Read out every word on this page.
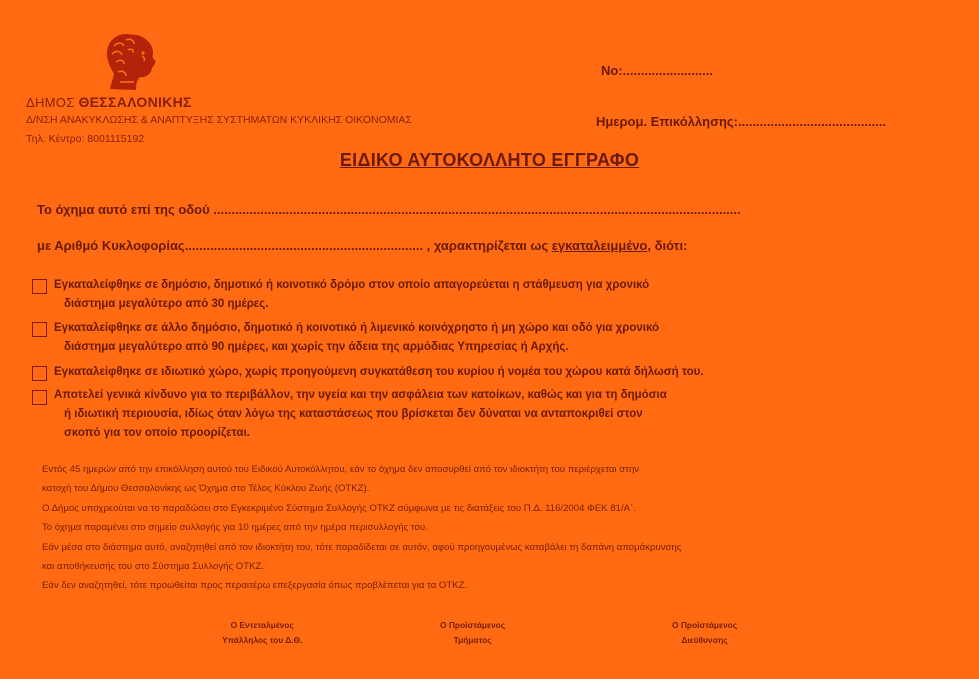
ΔΗΜΟΣ ΘΕΣΣΑΛΟΝΙΚΗΣ
Δ/ΝΣΗ ΑΝΑΚΥΚΛΩΣΗΣ & ΑΝΑΠΤΥΞΗΣ ΣΥΣΤΗΜΑΤΩΝ ΚΥΚΛΙΚΗΣ ΟΙΚΟΝΟΜΙΑΣ
Τηλ. Κέντρο: 8001115192
Νο:.........................
Ημερομ. Επικόλλησης:.........................................
ΕΙΔΙΚΟ ΑΥΤΟΚΟΛΛΗΤΟ ΕΓΓΡΑΦΟ
Το όχημα αυτό επί της οδού ..................................................................................................................................................
με Αριθμό Κυκλοφορίας.................................................................. , χαρακτηρίζεται ως εγκαταλειμμένο, διότι:
Εγκαταλείφθηκε σε δημόσιο, δημοτικό ή κοινοτικό δρόμο στον οποίο απαγορεύεται η στάθμευση για χρονικό
διάστημα μεγαλύτερο από 30 ημέρες.
Εγκαταλείφθηκε σε άλλο δημόσιο, δημοτικό ή κοινοτικό ή λιμενικό κοινόχρηστο ή μη χώρο και οδό για χρονικό
διάστημα μεγαλύτερο από 90 ημέρες, και χωρίς την άδεια της αρμόδιας Υπηρεσίας ή Αρχής.
Εγκαταλείφθηκε σε ιδιωτικό χώρο, χωρίς προηγούμενη συγκατάθεση του κυρίου ή νομέα του χώρου κατά δήλωσή του.
Αποτελεί γενικά κίνδυνο για το περιβάλλον, την υγεία και την ασφάλεια των κατοίκων, καθώς και για τη δημόσια
ή ιδιωτική περιουσία, ιδίως όταν λόγω της καταστάσεως που βρίσκεται δεν δύναται να ανταποκριθεί στον
σκοπό για τον οποίο προορίζεται.
Εντός 45 ημερών από την επικόλληση αυτού του Ειδικού Αυτοκόλλητου, εάν το όχημα δεν αποσυρθεί από τον ιδιοκτήτη του περιέρχεται στην
κατοχή του Δήμου Θεσσαλονίκης ως Όχημα στο Τέλος Κύκλου Ζωής (ΟΤΚΖ).
Ο Δήμος υποχρεούται να το παραδώσει στο Εγκεκριμένο Σύστημα Συλλογής ΟΤΚΖ σύμφωνα με τις διατάξεις του Π.Δ. 116/2004 ΦΕΚ 81/Α΄.
Το όχημα παραμένει στο σημείο συλλογής για 10 ημέρες από την ημέρα περισυλλογής του.
Εάν μέσα στο διάστημα αυτό, αναζητηθεί από τον ιδιοκτήτη του, τότε παραδίδεται σε αυτόν, αφού προηγουμένως καταβάλει τη δαπάνη απομάκρυνσης
και αποθήκευσής του στο Σύστημα Συλλογής ΟΤΚΖ.
Εάν δεν αναζητηθεί, τότε προωθείται προς περαιτέρω επεξεργασία όπως προβλέπεται για τα ΟΤΚΖ.
Ο Εντεταλμένος
Υπάλληλος του Δ.Θ.
Ο Προϊστάμενος
Τμήματος
Ο Προϊστάμενος
Διεύθυνσης
